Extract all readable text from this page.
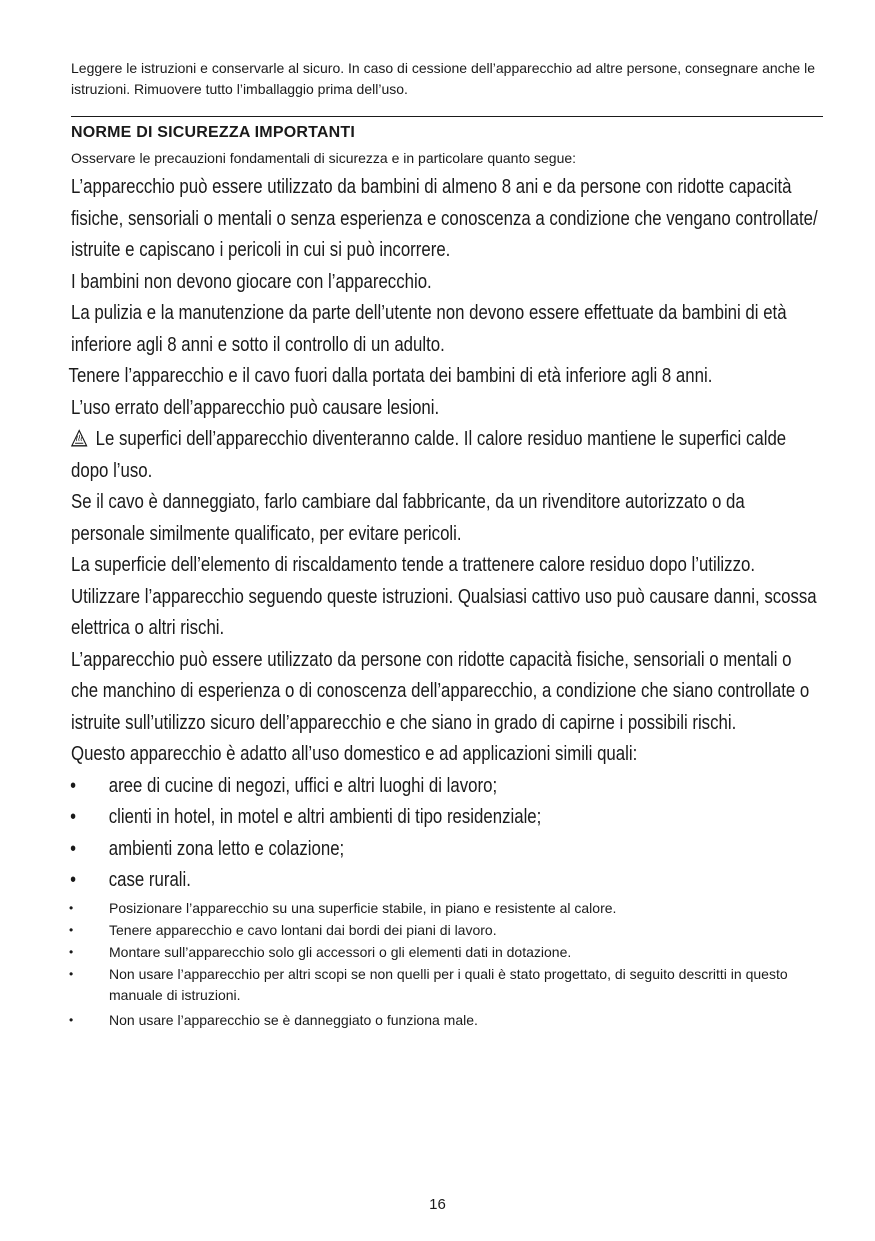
Leggere le istruzioni e conservarle al sicuro. In caso di cessione dell’apparecchio ad altre persone, consegnare anche le istruzioni. Rimuovere tutto l’imballaggio prima dell’uso.

NORME DI SICUREZZA IMPORTANTI

Osservare le precauzioni fondamentali di sicurezza e in particolare quanto segue:

L’apparecchio può essere utilizzato da bambini di almeno 8 ani e da persone con ridotte capacità fisiche, sensoriali o mentali o senza esperienza e conoscenza a condizione che vengano controllate/ istruite e capiscano i pericoli in cui si può incorrere.

I bambini non devono giocare con l’apparecchio.

La pulizia e la manutenzione da parte dell’utente non devono essere effettuate da bambini di età inferiore agli 8 anni e sotto il controllo di un adulto.

Tenere l’apparecchio e il cavo fuori dalla portata dei bambini di età inferiore agli 8 anni.

L’uso errato dell’apparecchio può causare lesioni.

Le superfici dell’apparecchio diventeranno calde. Il calore residuo mantiene le superfici calde dopo l’uso.

Se il cavo è danneggiato, farlo cambiare dal fabbricante, da un rivenditore autorizzato o da personale similmente qualificato, per evitare pericoli.

La superficie dell’elemento di riscaldamento tende a trattenere calore residuo dopo l’utilizzo.

Utilizzare l’apparecchio seguendo queste istruzioni. Qualsiasi cattivo uso può causare danni, scossa elettrica o altri rischi.

L’apparecchio può essere utilizzato da persone con ridotte capacità fisiche, sensoriali o mentali o che manchino di esperienza o di conoscenza dell’apparecchio, a condizione che siano controllate o istruite sull’utilizzo sicuro dell’apparecchio e che siano in grado di capirne i possibili rischi.

Questo apparecchio è adatto all’uso domestico e ad applicazioni simili quali:

• aree di cucine di negozi, uffici e altri luoghi di lavoro;
• clienti in hotel, in motel e altri ambienti di tipo residenziale;
• ambienti zona letto e colazione;
• case rurali.
• Posizionare l’apparecchio su una superficie stabile, in piano e resistente al calore.
• Tenere apparecchio e cavo lontani dai bordi dei piani di lavoro.
• Montare sull’apparecchio solo gli accessori o gli elementi dati in dotazione.
• Non usare l’apparecchio per altri scopi se non quelli per i quali è stato progettato, di seguito descritti in questo manuale di istruzioni.
• Non usare l’apparecchio se è danneggiato o funziona male.
16
